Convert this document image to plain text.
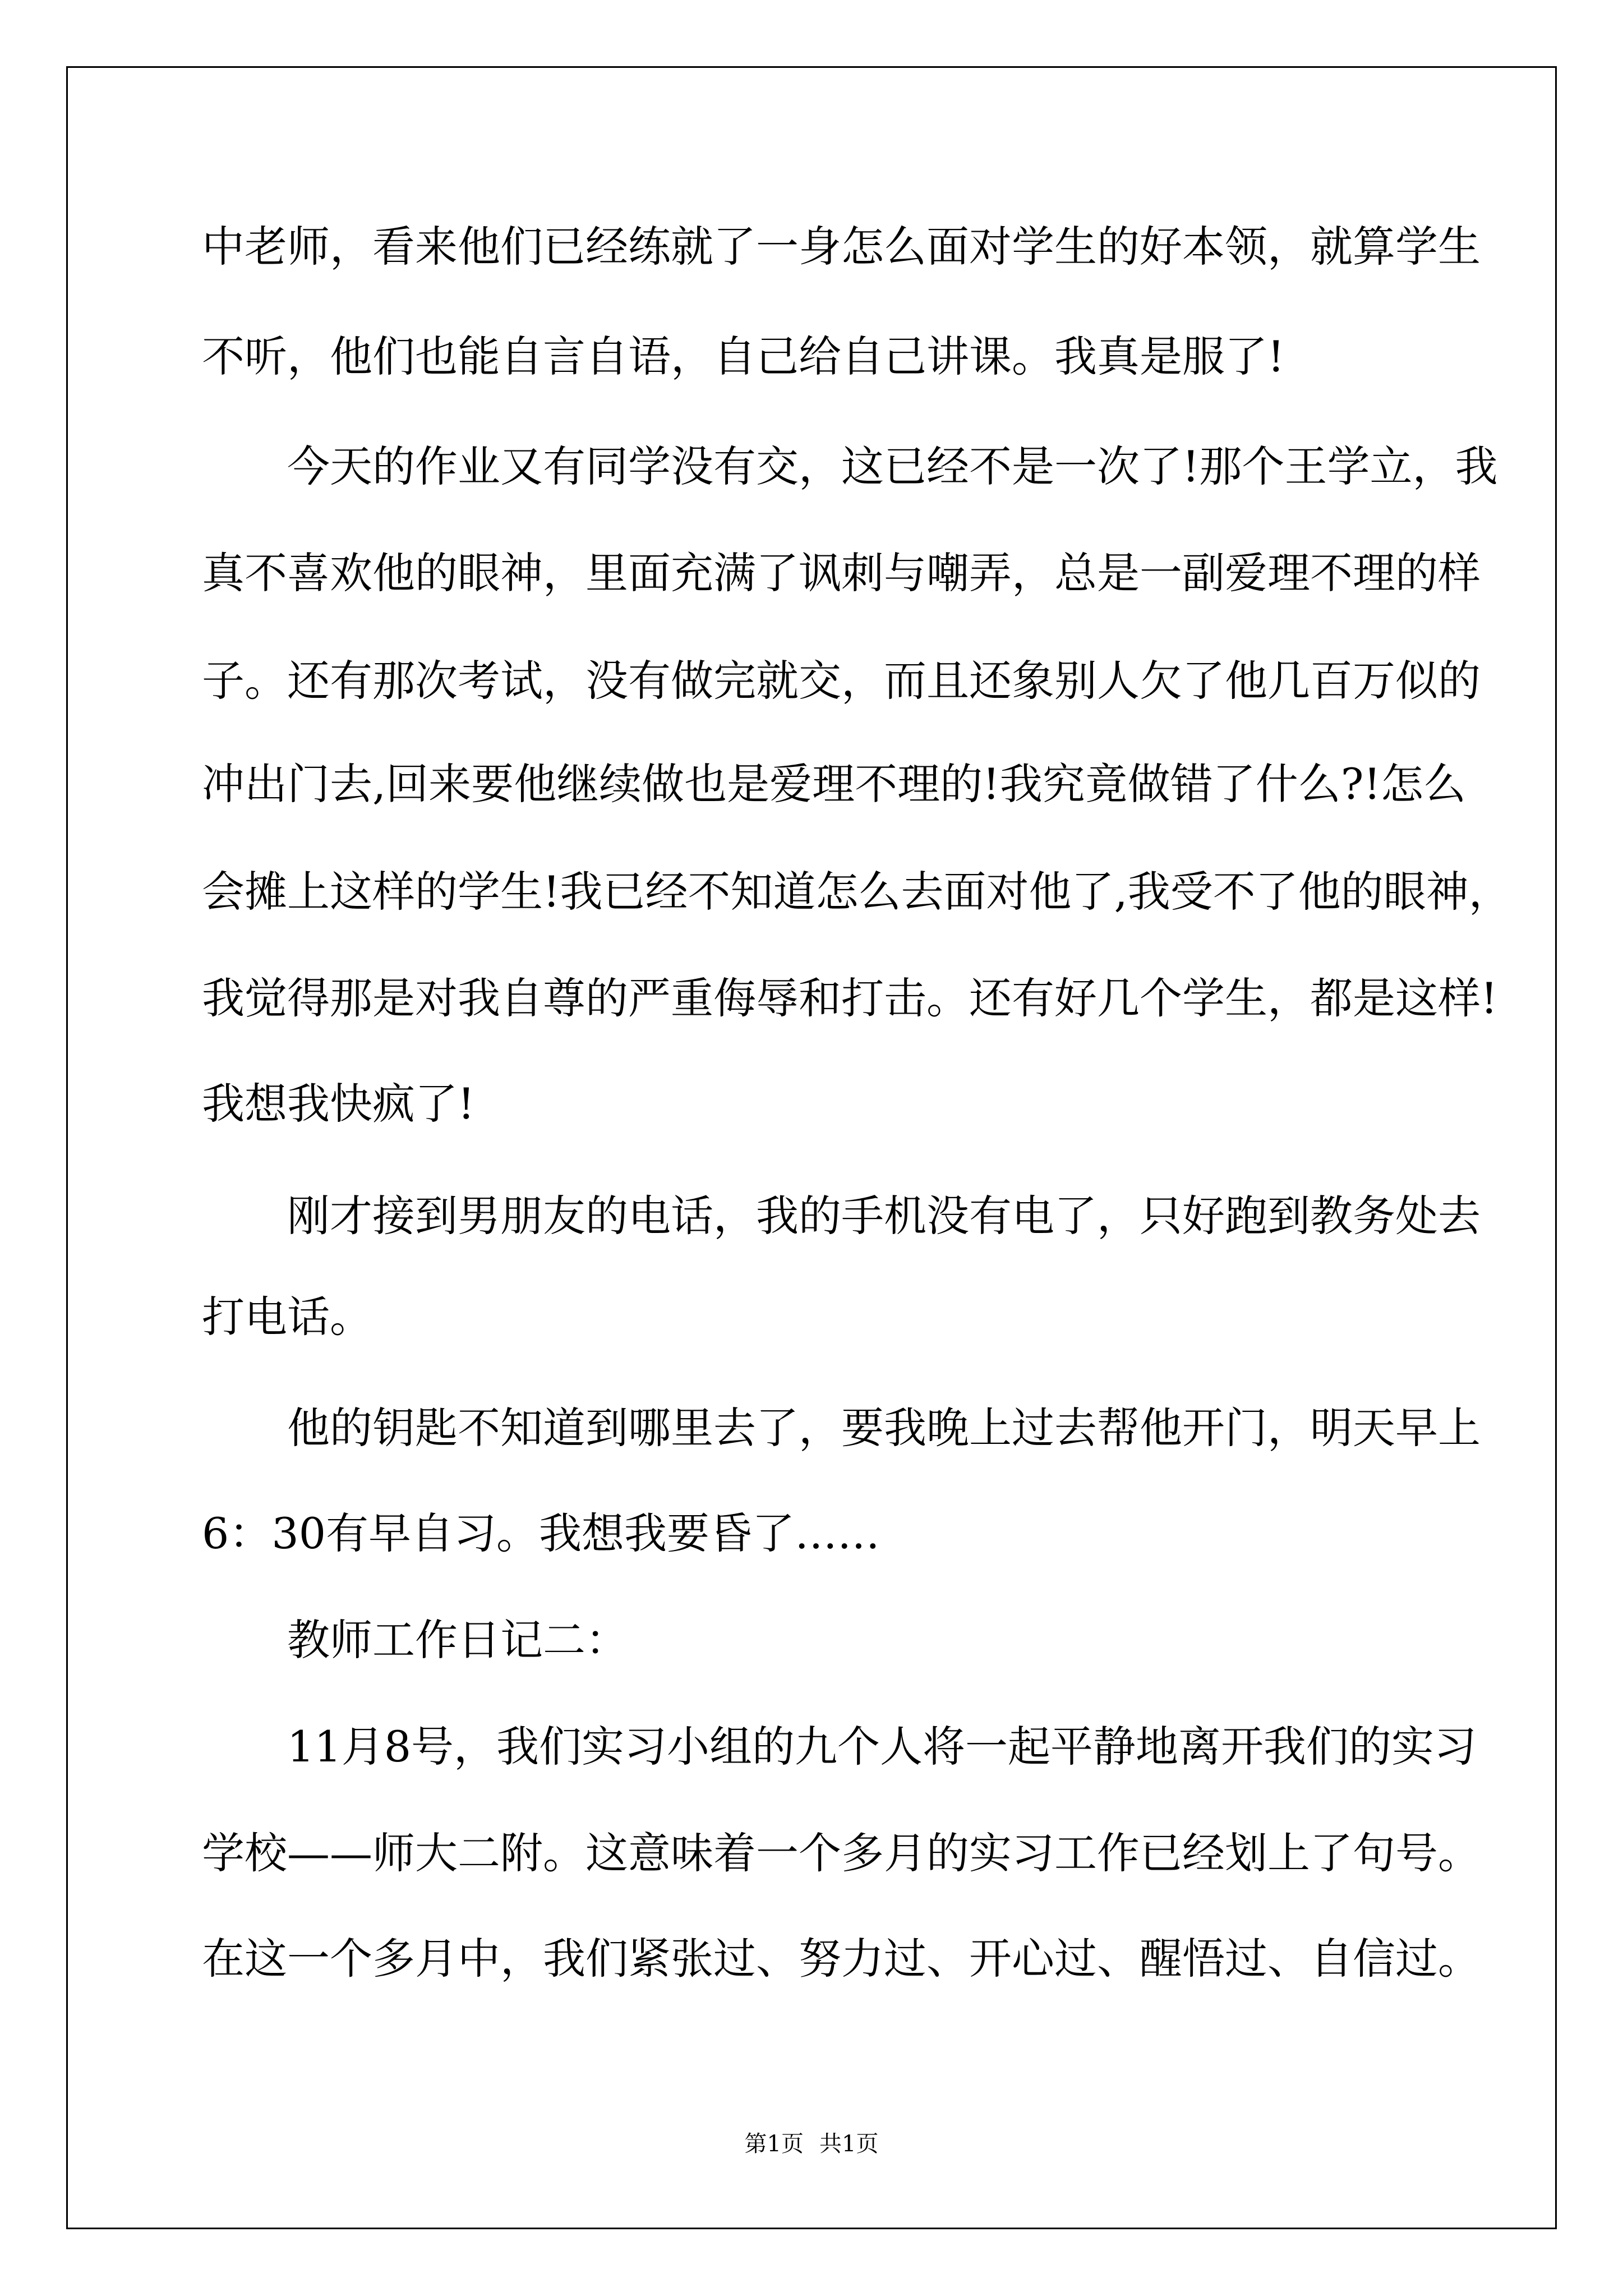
中老师，看来他们已经练就了一身怎么面对学生的好本领，就算学生
不听，他们也能自言自语，自己给自己讲课。我真是服了!
　　今天的作业又有同学没有交，这已经不是一次了!那个王学立，我
真不喜欢他的眼神，里面充满了讽刺与嘲弄，总是一副爱理不理的样
子。还有那次考试，没有做完就交，而且还象别人欠了他几百万似的
冲出门去,回来要他继续做也是爱理不理的!我究竟做错了什么?!怎么
会摊上这样的学生!我已经不知道怎么去面对他了,我受不了他的眼神，
我觉得那是对我自尊的严重侮辱和打击。还有好几个学生，都是这样!
我想我快疯了!
　　刚才接到男朋友的电话，我的手机没有电了，只好跑到教务处去
打电话。
　　他的钥匙不知道到哪里去了，要我晚上过去帮他开门，明天早上
6：30有早自习。我想我要昏了……
　　教师工作日记二：
　　11月8号，我们实习小组的九个人将一起平静地离开我们的实习
学校——师大二附。这意味着一个多月的实习工作已经划上了句号。
在这一个多月中，我们紧张过、努力过、开心过、醒悟过、自信过。
第1页 共1页
